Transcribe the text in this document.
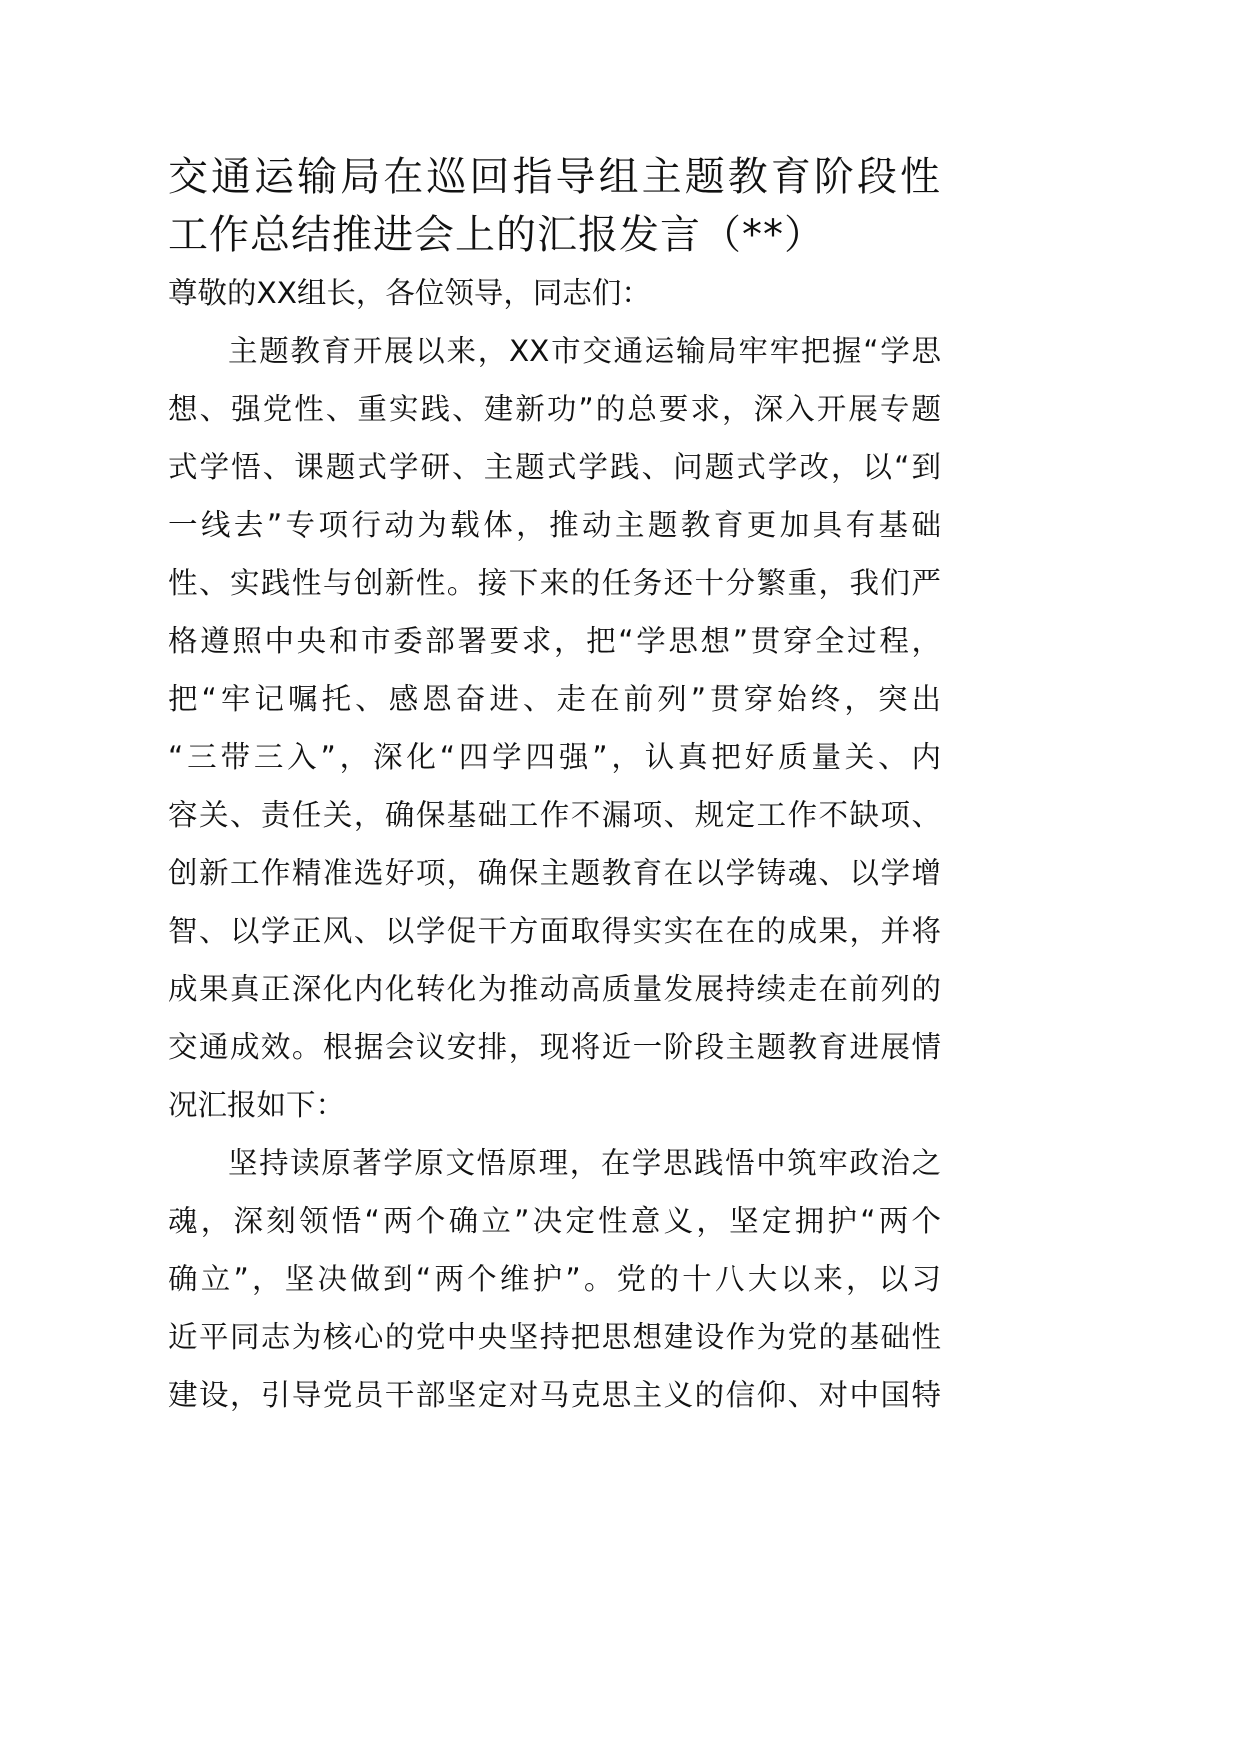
交通运输局在巡回指导组主题教育阶段性
工作总结推进会上的汇报发言（**）
尊敬的XX组长，各位领导，同志们：
主题教育开展以来，XX市交通运输局牢牢把握“学思
想、强党性、重实践、建新功”的总要求，深入开展专题
式学悟、课题式学研、主题式学践、问题式学改，以“到
一线去”专项行动为载体，推动主题教育更加具有基础
性、实践性与创新性。接下来的任务还十分繁重，我们严
格遵照中央和市委部署要求，把“学思想”贯穿全过程，
把“牢记嘱托、感恩奋进、走在前列”贯穿始终，突出
“三带三入”，深化“四学四强”，认真把好质量关、内
容关、责任关，确保基础工作不漏项、规定工作不缺项、
创新工作精准选好项，确保主题教育在以学铸魂、以学增
智、以学正风、以学促干方面取得实实在在的成果，并将
成果真正深化内化转化为推动高质量发展持续走在前列的
交通成效。根据会议安排，现将近一阶段主题教育进展情
况汇报如下：
坚持读原著学原文悟原理，在学思践悟中筑牢政治之
魂，深刻领悟“两个确立”决定性意义，坚定拥护“两个
确立”，坚决做到“两个维护”。党的十八大以来，以习
近平同志为核心的党中央坚持把思想建设作为党的基础性
建设，引导党员干部坚定对马克思主义的信仰、对中国特
